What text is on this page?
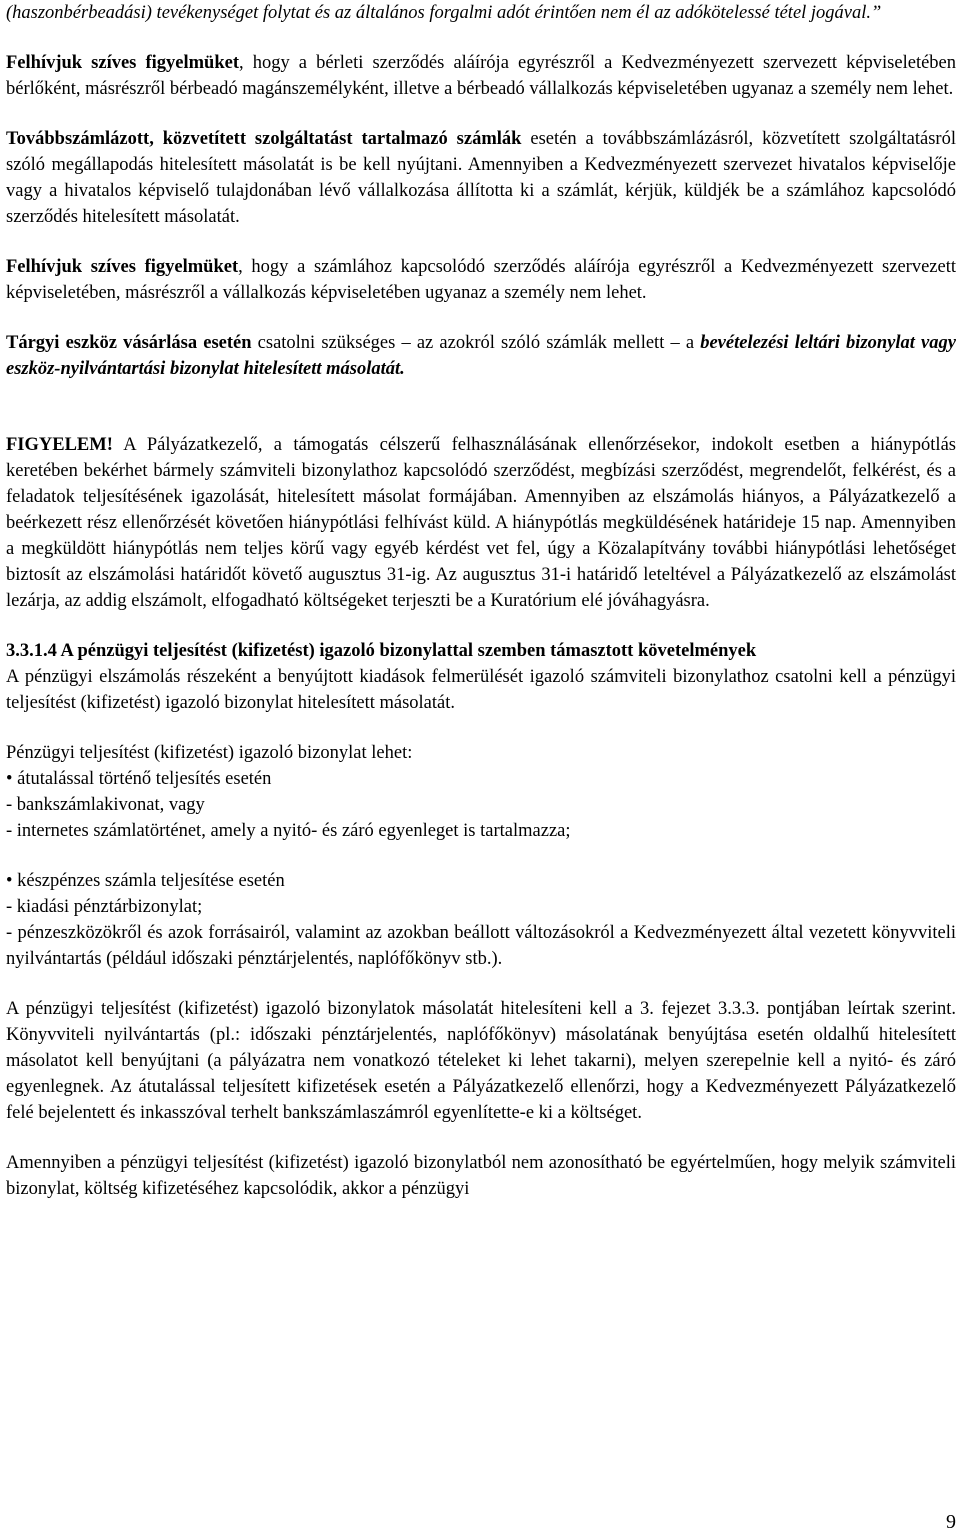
(haszonbérbeadási) tevékenységet folytat és az általános forgalmi adót érintően nem él az adókötelessé tétel jogával.”

Felhívjuk szíves figyelmüket, hogy a bérleti szerződés aláírója egyrészről a Kedvezményezett szervezett képviseletében bérlőként, másrészről bérbeadó magánszemélyként, illetve a bérbeadó vállalkozás képviseletében ugyanaz a személy nem lehet.

Továbbszámlázott, közvetített szolgáltatást tartalmazó számlák esetén a továbbszámlázásról, közvetített szolgáltatásról szóló megállapodás hitelesített másolatát is be kell nyújtani. Amennyiben a Kedvezményezett szervezet hivatalos képviselője vagy a hivatalos képviselő tulajdonában lévő vállalkozása állította ki a számlát, kérjük, küldjék be a számlához kapcsolódó szerződés hitelesített másolatát.

Felhívjuk szíves figyelmüket, hogy a számlához kapcsolódó szerződés aláírója egyrészről a Kedvezményezett szervezett képviseletében, másrészről a vállalkozás képviseletében ugyanaz a személy nem lehet.

Tárgyi eszköz vásárlása esetén csatolni szükséges – az azokról szóló számlák mellett – a bevételezési leltári bizonylat vagy eszköz-nyilvántartási bizonylat hitelesített másolatát.

FIGYELEM! A Pályázatkezelő, a támogatás célszerű felhasználásának ellenőrzésekor, indokolt esetben a hiánypótlás keretében bekérhet bármely számviteli bizonylathoz kapcsolódó szerződést, megbízási szerződést, megrendelőt, felkérést, és a feladatok teljesítésének igazolását, hitelesített másolat formájában. Amennyiben az elszámolás hiányos, a Pályázatkezelő a beérkezett rész ellenőrzését követően hiánypótlási felhívást küld. A hiánypótlás megküldésének határideje 15 nap. Amennyiben a megküldött hiánypótlás nem teljes körű vagy egyéb kérdést vet fel, úgy a Közalapítvány további hiánypótlási lehetőséget biztosít az elszámolási határidőt követő augusztus 31-ig. Az augusztus 31-i határidő leteltével a Pályázatkezelő az elszámolást lezárja, az addig elszámolt, elfogadható költségeket terjeszti be a Kuratórium elé jóváhagyásra.

3.3.1.4 A pénzügyi teljesítést (kifizetést) igazoló bizonylattal szemben támasztott követelmények

A pénzügyi elszámolás részeként a benyújtott kiadások felmerülését igazoló számviteli bizonylathoz csatolni kell a pénzügyi teljesítést (kifizetést) igazoló bizonylat hitelesített másolatát.

Pénzügyi teljesítést (kifizetést) igazoló bizonylat lehet:
• átutalással történő teljesítés esetén
- bankszámlakivonat, vagy
- internetes számlatörténet, amely a nyitó- és záró egyenleget is tartalmazza;
• készpénzes számla teljesítése esetén
- kiadási pénztárbizonylat;

- pénzeszközökről és azok forrásairól, valamint az azokban beállott változásokról a Kedvezményezett által vezetett könyvviteli nyilvántartás (például időszaki pénztárjelentés, naplófőkönyv stb.).

A pénzügyi teljesítést (kifizetést) igazoló bizonylatok másolatát hitelesíteni kell a 3. fejezet 3.3.3. pontjában leírtak szerint. Könyvviteli nyilvántartás (pl.: időszaki pénztárjelentés, naplófőkönyv) másolatának benyújtása esetén oldalhű hitelesített másolatot kell benyújtani (a pályázatra nem vonatkozó tételeket ki lehet takarni), melyen szerepelnie kell a nyitó- és záró egyenlegnek. Az átutalással teljesített kifizetések esetén a Pályázatkezelő ellenőrzi, hogy a Kedvezményezett Pályázatkezelő felé bejelentett és inkasszóval terhelt bankszámlaszámról egyenlítette-e ki a költséget.

Amennyiben a pénzügyi teljesítést (kifizetést) igazoló bizonylatból nem azonosítható be egyértelműen, hogy melyik számviteli bizonylat, költség kifizetéséhez kapcsolódik, akkor a pénzügyi

9
